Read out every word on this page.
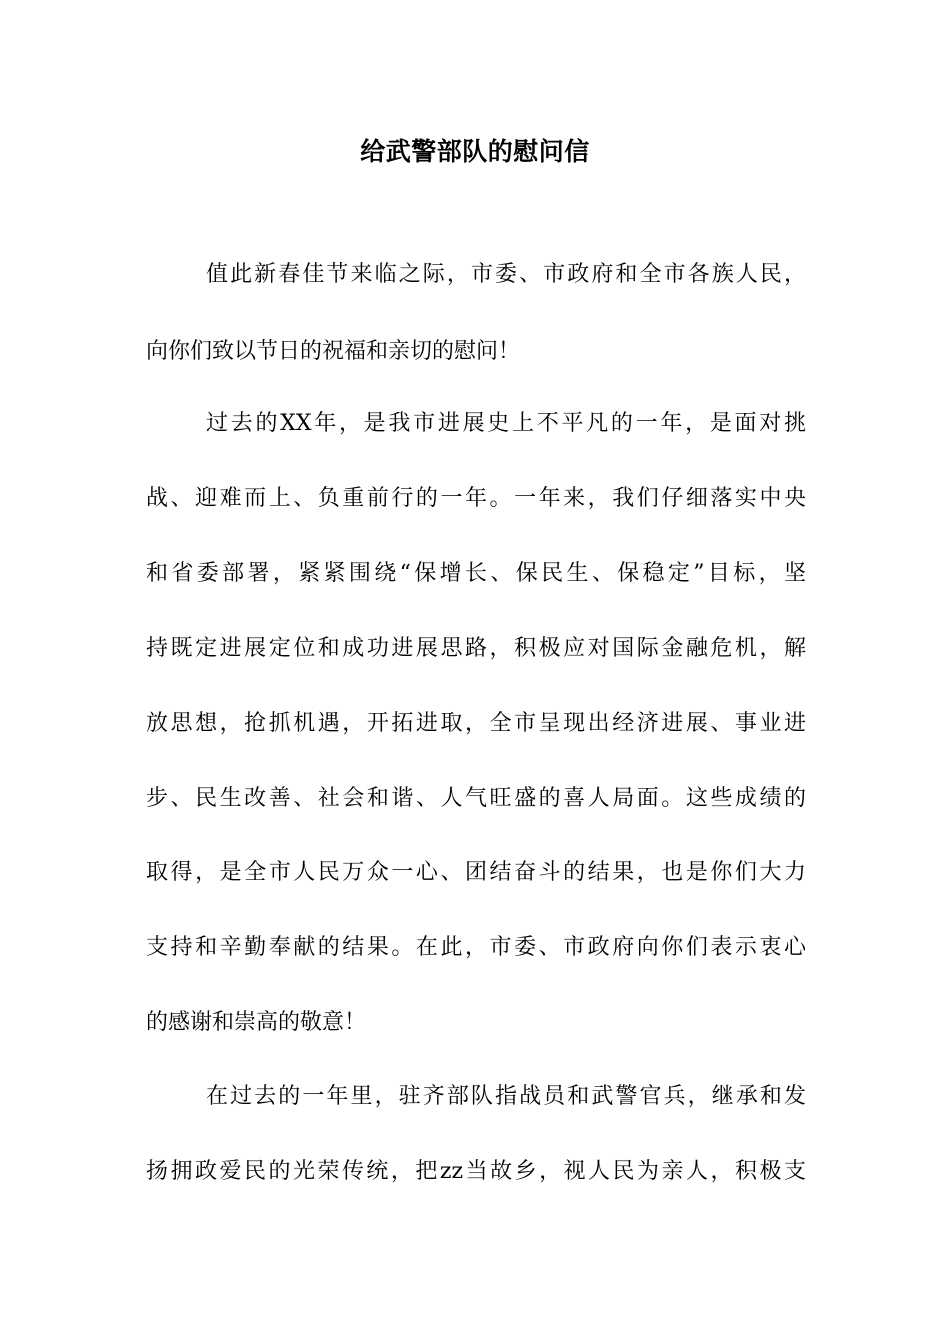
给武警部队的慰问信
值此新春佳节来临之际，市委、市政府和全市各族人民，
向你们致以节日的祝福和亲切的慰问！
过去的XX年，是我市进展史上不平凡的一年，是面对挑
战、迎难而上、负重前行的一年。一年来，我们仔细落实中央
和省委部署，紧紧围绕“保增长、保民生、保稳定”目标，坚
持既定进展定位和成功进展思路，积极应对国际金融危机，解
放思想，抢抓机遇，开拓进取，全市呈现出经济进展、事业进
步、民生改善、社会和谐、人气旺盛的喜人局面。这些成绩的
取得，是全市人民万众一心、团结奋斗的结果，也是你们大力
支持和辛勤奉献的结果。在此，市委、市政府向你们表示衷心
的感谢和崇高的敬意！
在过去的一年里，驻齐部队指战员和武警官兵，继承和发
扬拥政爱民的光荣传统，把zz当故乡，视人民为亲人，积极支
